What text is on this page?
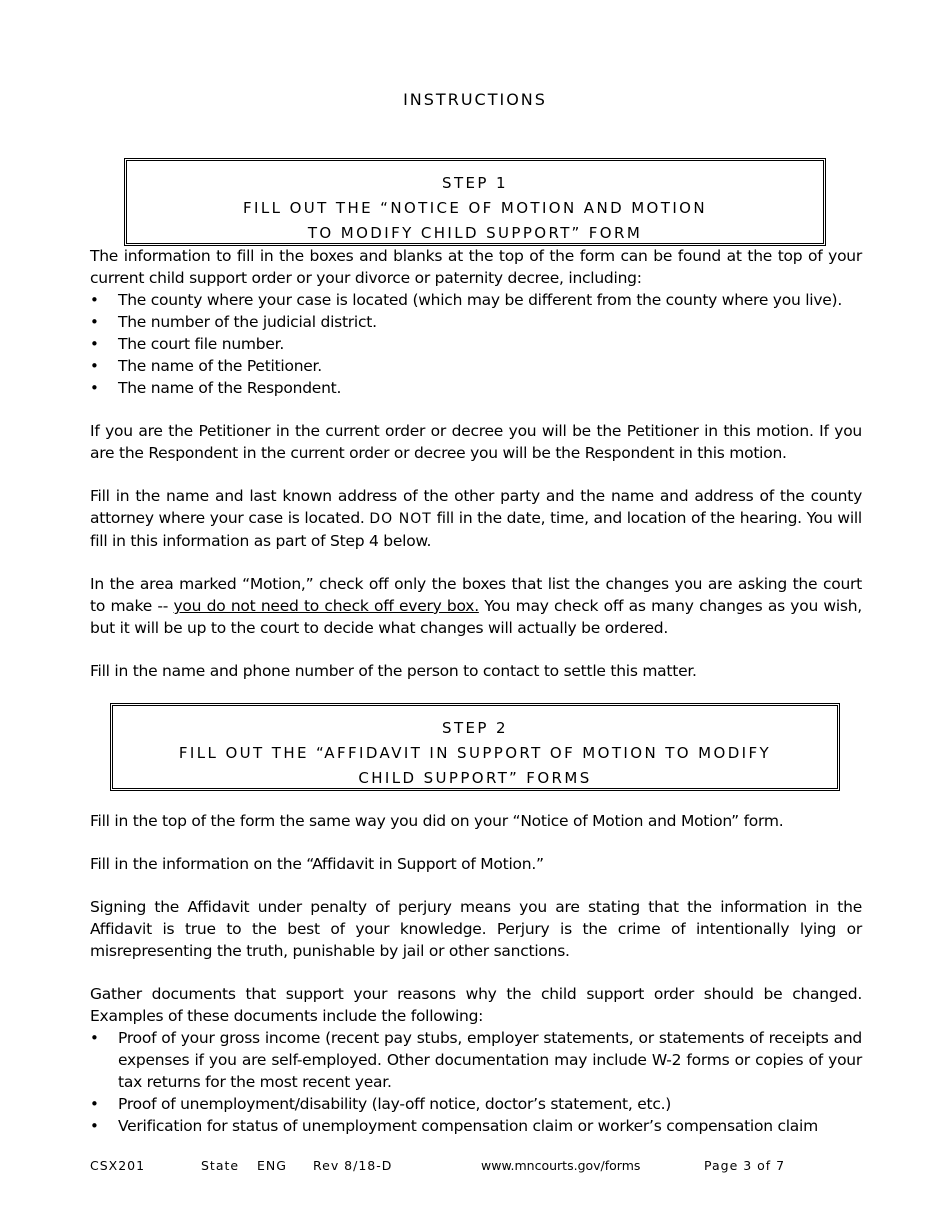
INSTRUCTIONS
STEP 1
FILL OUT THE “NOTICE OF MOTION AND MOTION
TO MODIFY CHILD SUPPORT” FORM

The information to fill in the boxes and blanks at the top of the form can be found at the top of your current child support order or your divorce or paternity decree, including:

• The county where your case is located (which may be different from the county where you live).
• The number of the judicial district.
• The court file number.
• The name of the Petitioner.
• The name of the Respondent.

If you are the Petitioner in the current order or decree you will be the Petitioner in this motion. If you are the Respondent in the current order or decree you will be the Respondent in this motion.

Fill in the name and last known address of the other party and the name and address of the county attorney where your case is located. DO NOT fill in the date, time, and location of the hearing. You will fill in this information as part of Step 4 below.

In the area marked “Motion,” check off only the boxes that list the changes you are asking the court to make -- you do not need to check off every box. You may check off as many changes as you wish, but it will be up to the court to decide what changes will actually be ordered.

Fill in the name and phone number of the person to contact to settle this matter.

STEP 2
FILL OUT THE “AFFIDAVIT IN SUPPORT OF MOTION TO MODIFY
CHILD SUPPORT” FORMS

Fill in the top of the form the same way you did on your “Notice of Motion and Motion” form.

Fill in the information on the “Affidavit in Support of Motion.”

Signing the Affidavit under penalty of perjury means you are stating that the information in the Affidavit is true to the best of your knowledge. Perjury is the crime of intentionally lying or misrepresenting the truth, punishable by jail or other sanctions.

Gather documents that support your reasons why the child support order should be changed. Examples of these documents include the following:

• Proof of your gross income (recent pay stubs, employer statements, or statements of receipts and expenses if you are self-employed. Other documentation may include W-2 forms or copies of your tax returns for the most recent year.
• Proof of unemployment/disability (lay-off notice, doctor’s statement, etc.)
• Verification for status of unemployment compensation claim or worker’s compensation claim
CSX201	State ENG Rev 8/18-D	www.mncourts.gov/forms	Page 3 of 7
